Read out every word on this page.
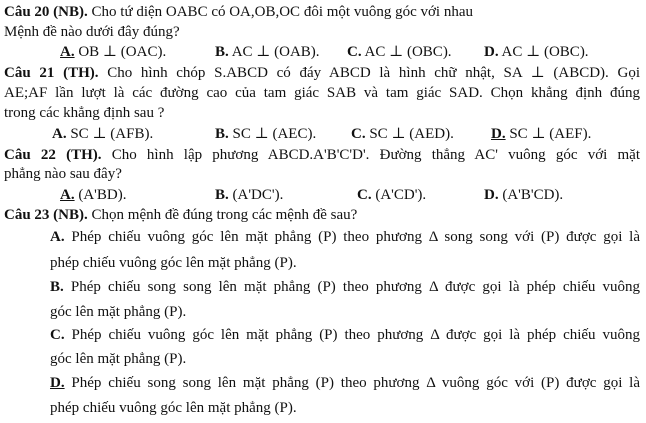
Câu 20 (NB). Cho tứ diện OABC có OA,OB,OC đôi một vuông góc với nhau
Mệnh đề nào dưới đây đúng?
A. OB ⊥ (OAC).	B. AC ⊥ (OAB). C. AC ⊥ (OBC). D. AC ⊥ (OBC).
Câu 21 (TH). Cho hình chóp S.ABCD có đáy ABCD là hình chữ nhật, SA ⊥ (ABCD). Gọi
AE;AF lần lượt là các đường cao của tam giác SAB và tam giác SAD. Chọn khẳng định đúng
trong các khẳng định sau ?
A. SC ⊥ (AFB).	B. SC ⊥ (AEC). C. SC ⊥ (AED). D. SC ⊥ (AEF).
Câu 22 (TH). Cho hình lập phương ABCD.A'B'C'D'. Đường thẳng AC' vuông góc với mặt
phẳng nào sau đây?
A. (A'BD).	B. (A'DC').	C. (A'CD').	D. (A'B'CD).
Câu 23 (NB). Chọn mệnh đề đúng trong các mệnh đề sau?
A. Phép chiếu vuông góc lên mặt phẳng (P) theo phương Δ song song với (P) được gọi là
phép chiếu vuông góc lên mặt phẳng (P).
B. Phép chiếu song song lên mặt phẳng (P) theo phương Δ được gọi là phép chiếu vuông
góc lên mặt phẳng (P).
C. Phép chiếu vuông góc lên mặt phẳng (P) theo phương Δ được gọi là phép chiếu vuông
góc lên mặt phẳng (P).
D. Phép chiếu song song lên mặt phẳng (P) theo phương Δ vuông góc với (P) được gọi là
phép chiếu vuông góc lên mặt phẳng (P).
